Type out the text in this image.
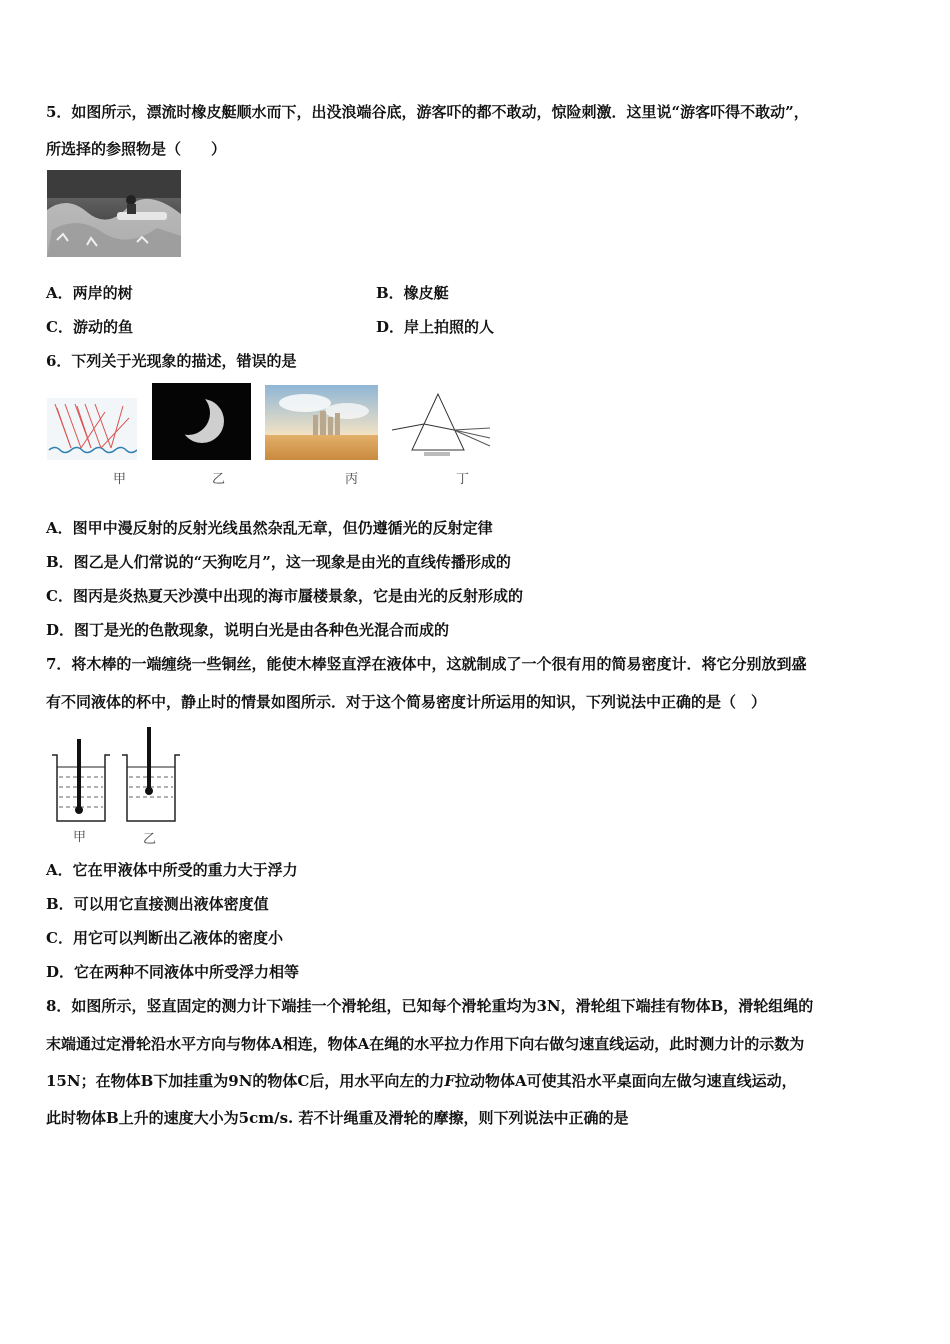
5．如图所示，漂流时橡皮艇顺水而下，出没浪端谷底，游客吓的都不敢动，惊险刺激．这里说“游客吓得不敢动”，
所选择的参照物是（　　）
A．两岸的树	B．橡皮艇
C．游动的鱼	D．岸上拍照的人
6．下列关于光现象的描述，错误的是
甲	乙	丙	丁
A．图甲中漫反射的反射光线虽然杂乱无章，但仍遵循光的反射定律
B．图乙是人们常说的“天狗吃月”，这一现象是由光的直线传播形成的
C．图丙是炎热夏天沙漠中出现的海市蜃楼景象，它是由光的反射形成的
D．图丁是光的色散现象，说明白光是由各种色光混合而成的
7．将木棒的一端缠绕一些铜丝，能使木棒竖直浮在液体中，这就制成了一个很有用的简易密度计．将它分别放到盛
有不同液体的杯中，静止时的情景如图所示．对于这个简易密度计所运用的知识，下列说法中正确的是（　）
甲	乙
A．它在甲液体中所受的重力大于浮力
B．可以用它直接测出液体密度值
C．用它可以判断出乙液体的密度小
D．它在两种不同液体中所受浮力相等
8．如图所示，竖直固定的测力计下端挂一个滑轮组，已知每个滑轮重均为3N，滑轮组下端挂有物体B，滑轮组绳的
末端通过定滑轮沿水平方向与物体A相连，物体A在绳的水平拉力作用下向右做匀速直线运动，此时测力计的示数为
15N；在物体B下加挂重为9N的物体C后，用水平向左的力F拉动物体A可使其沿水平桌面向左做匀速直线运动，
此时物体B上升的速度大小为5cm/s. 若不计绳重及滑轮的摩擦，则下列说法中正确的是
